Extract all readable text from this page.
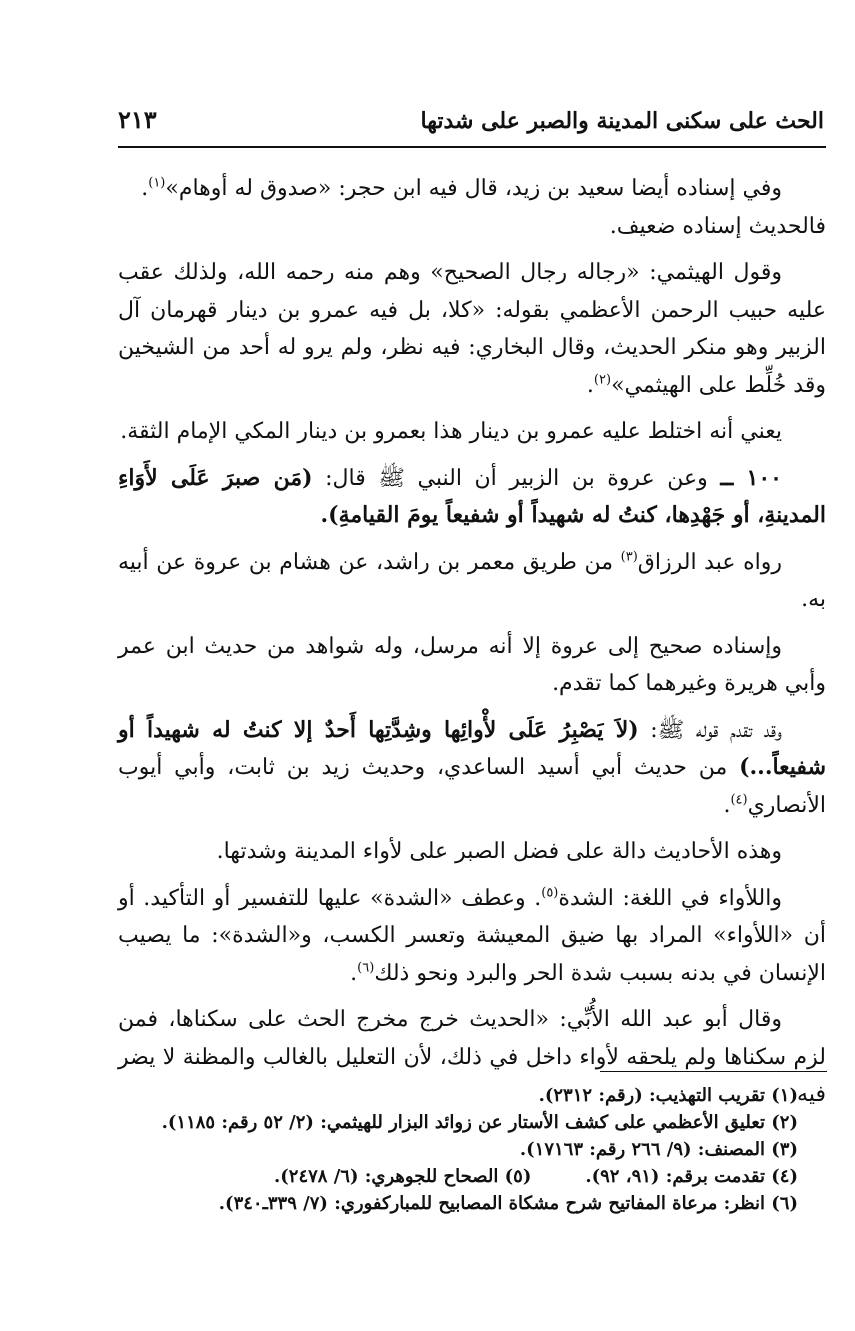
الحث على سكنى المدينة والصبر على شدتها
٢١٣

وفي إسناده أيضا سعيد بن زيد، قال فيه ابن حجر: «صدوق له أوهام»$^{(١)}$.
فالحديث إسناده ضعيف.

وقول الهيثمي: «رجاله رجال الصحيح» وهم منه رحمه الله، ولذلك عقب عليه حبيب الرحمن الأعظمي بقوله: «كلا، بل فيه عمرو بن دينار قهرمان آل الزبير وهو منكر الحديث، وقال البخاري: فيه نظر، ولم يرو له أحد من الشيخين وقد خُلِّط على الهيثمي»$^{(٢)}$.

يعني أنه اختلط عليه عمرو بن دينار هذا بعمرو بن دينار المكي الإمام الثقة.

١٠٠ ــ وعن عروة بن الزبير أن النبي ﷺ قال: (مَن صبرَ عَلَى لأَوَاءِ المدينةِ، أو جَهْدِها، كنتُ له شهيداً أو شفيعاً يومَ القيامةِ).

رواه عبد الرزاق$^{(٣)}$ من طريق معمر بن راشد، عن هشام بن عروة عن أبيه به.

وإسناده صحيح إلى عروة إلا أنه مرسل، وله شواهد من حديث ابن عمر وأبي هريرة وغيرهما كما تقدم.

وقد تقدم قوله ﷺ: (لاَ يَصْبِرُ عَلَى لأْوائِها وشِدَّتِها أَحدٌ إلا كنتُ له شهيداً أو شفيعاً...) من حديث أبي أسيد الساعدي، وحديث زيد بن ثابت، وأبي أيوب الأنصاري$^{(٤)}$.

وهذه الأحاديث دالة على فضل الصبر على لأواء المدينة وشدتها.

واللأواء في اللغة: الشدة$^{(٥)}$. وعطف «الشدة» عليها للتفسير أو التأكيد. أو أن «اللأواء» المراد بها ضيق المعيشة وتعسر الكسب، و«الشدة»: ما يصيب الإنسان في بدنه بسبب شدة الحر والبرد ونحو ذلك$^{(٦)}$.

وقال أبو عبد الله الأُبِّي: «الحديث خرج مخرج الحث على سكناها، فمن لزم سكناها ولم يلحقه لأواء داخل في ذلك، لأن التعليل بالغالب والمظنة لا يضر فيه

(١) تقريب التهذيب: (رقم: ٢٣١٢).

(٢) تعليق الأعظمي على كشف الأستار عن زوائد البزار للهيثمي: (٢/ ٥٢ رقم: ١١٨٥).

(٣) المصنف: (٩/ ٢٦٦ رقم: ١٧١٦٣).

(٤) تقدمت برقم: (٩١، ٩٢).
(٥) الصحاح للجوهري: (٦/ ٢٤٧٨).

(٦) انظر: مرعاة المفاتيح شرح مشكاة المصابيح للمباركفوري: (٧/ ٣٣٩ـ٣٤٠).
